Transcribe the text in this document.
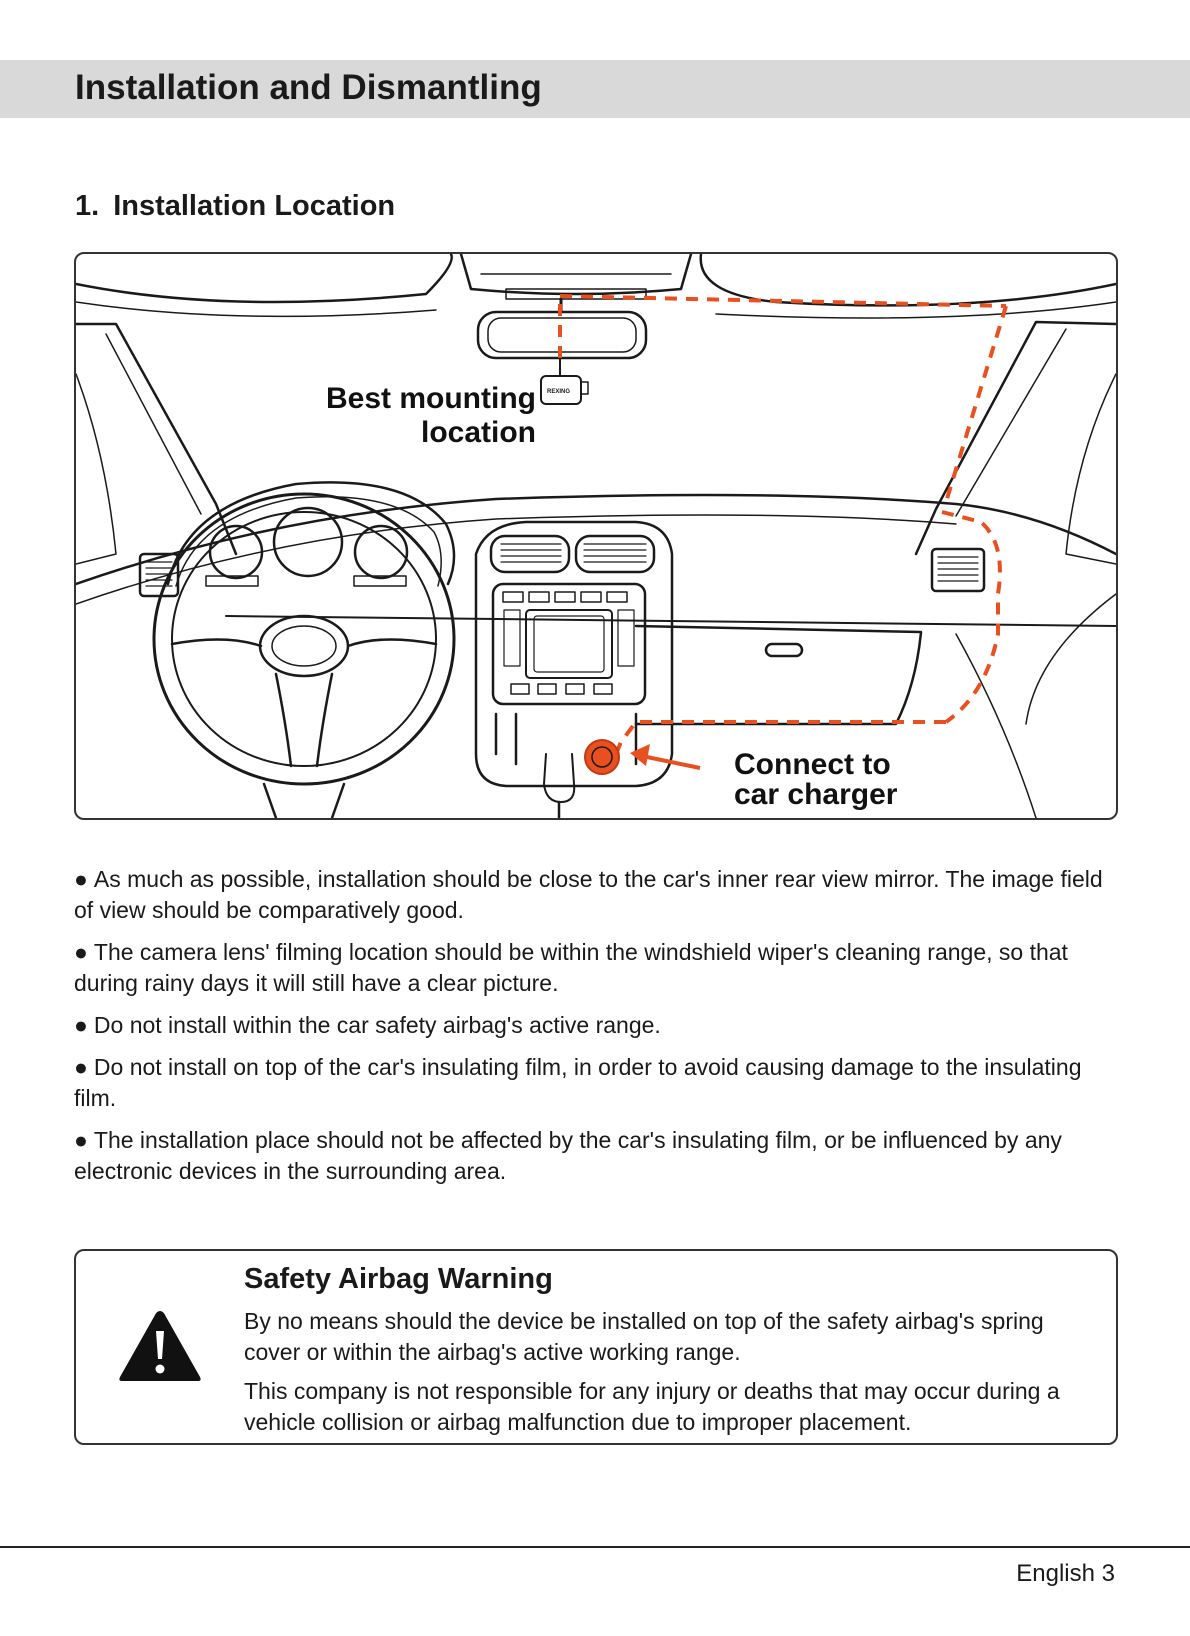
Installation and Dismantling
1. Installation Location
REXING
Best mounting
location
Connect to
car charger

● As much as possible, installation should be close to the car's inner rear view mirror. The image field of view should be comparatively good.

● The camera lens' filming location should be within the windshield wiper's cleaning range, so that during rainy days it will still have a clear picture.

● Do not install within the car safety airbag's active range.

● Do not install on top of the car's insulating film, in order to avoid causing damage to the insulating film.

● The installation place should not be affected by the car's insulating film, or be influenced by any electronic devices in the surrounding area.

Safety Airbag Warning

By no means should the device be installed on top of the safety airbag's spring cover or within the airbag's active working range.

This company is not responsible for any injury or deaths that may occur during a vehicle collision or airbag malfunction due to improper placement.

English 3
